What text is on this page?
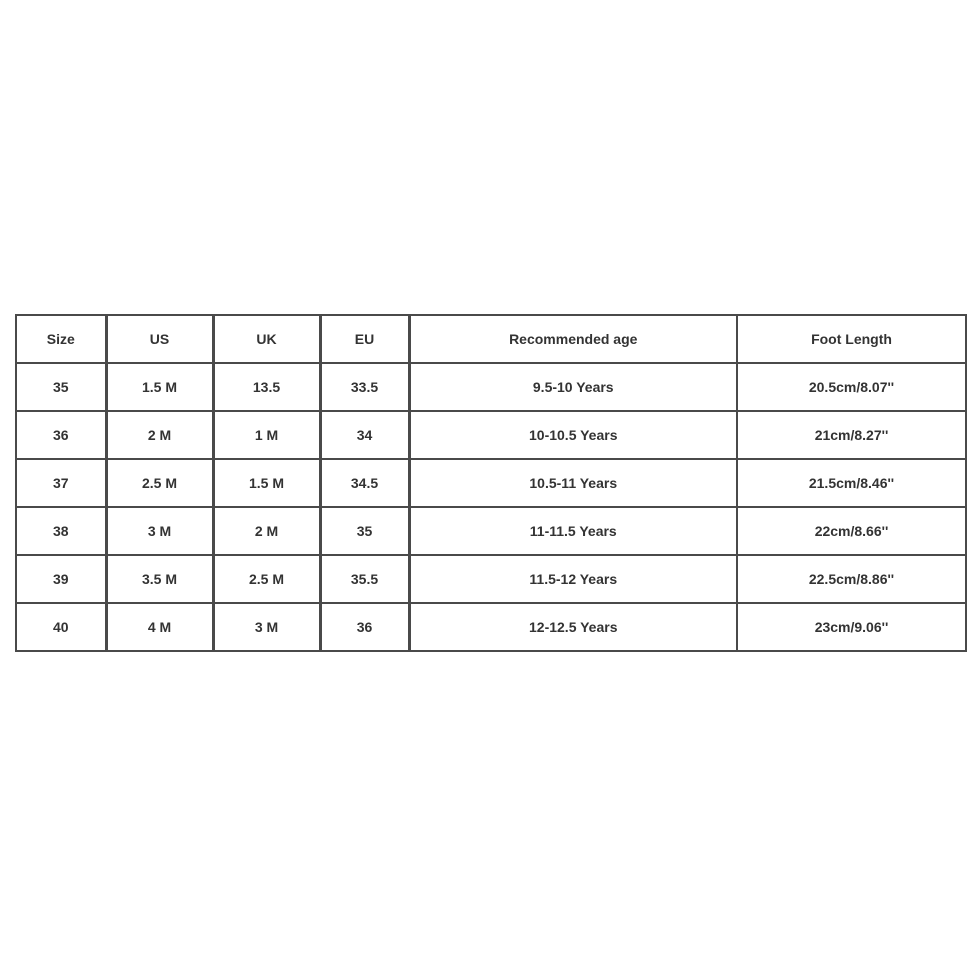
Size	US	UK	EU	Recommended age	Foot Length
35	1.5 M	13.5	33.5	9.5-10 Years	20.5cm/8.07''
36	2 M	1 M	34	10-10.5 Years	21cm/8.27''
37	2.5 M	1.5 M	34.5	10.5-11 Years	21.5cm/8.46''
38	3 M	2 M	35	11-11.5 Years	22cm/8.66''
39	3.5 M	2.5 M	35.5	11.5-12 Years	22.5cm/8.86''
40	4 M	3 M	36	12-12.5 Years	23cm/9.06''
